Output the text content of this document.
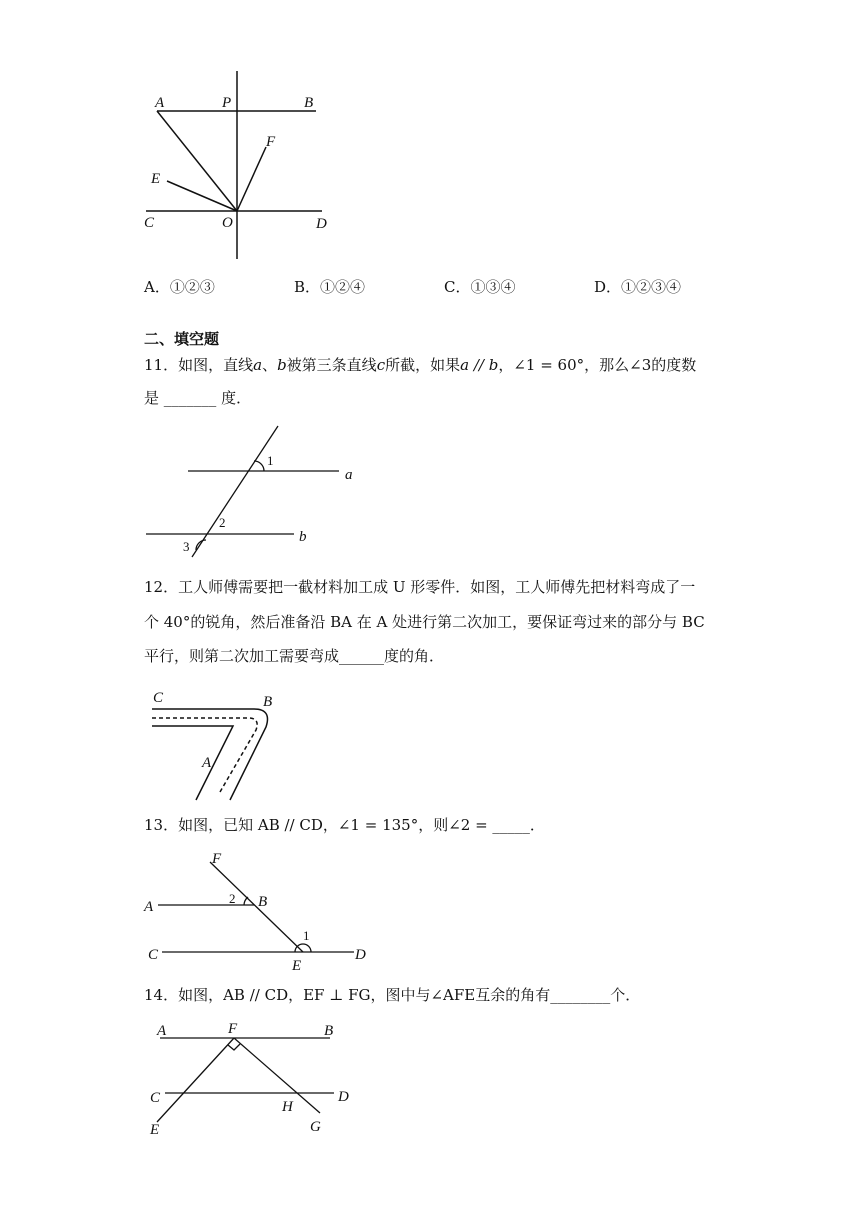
A	P	B
F
E
C	O	D
A．①②③	B．①②④	C．①③④	D．①②③④
二、填空题
11．如图，直线a、b被第三条直线c所截，如果a // b，∠1 = 60°，那么∠3的度数
是 _______ 度．
1
2
3
a
b
12．工人师傅需要把一截材料加工成 U 形零件．如图，工人师傅先把材料弯成了一
个 40°的锐角，然后准备沿 BA 在 A 处进行第二次加工，要保证弯过来的部分与 BC
平行，则第二次加工需要弯成______度的角．
C	B
A
13．如图，已知 AB // CD，∠1 = 135°，则∠2 = _____．
F
A
2 B
1
C	D
E
14．如图，AB // CD，EF ⊥ FG，图中与∠AFE互余的角有________个．
A	F	B
C	D
H
E	G
